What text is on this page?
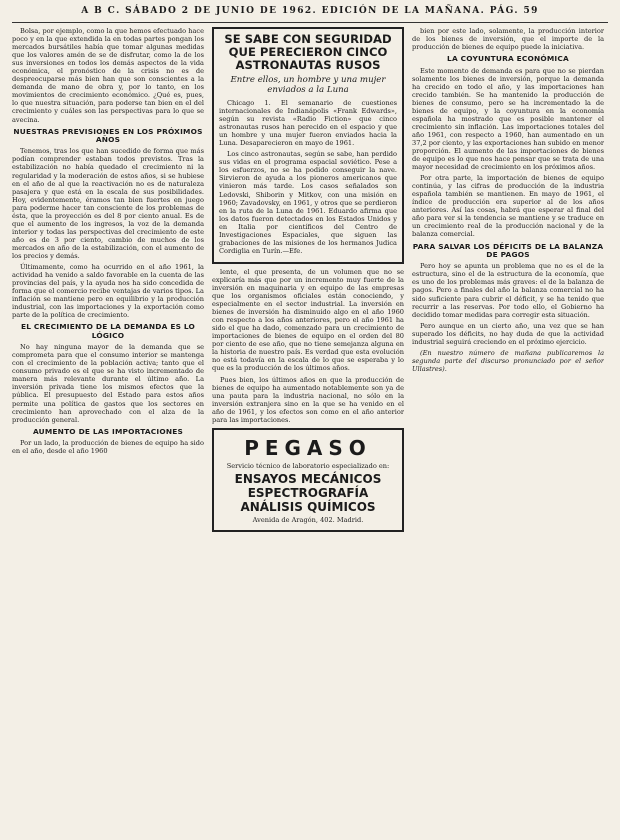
A B C. SÁBADO 2 DE JUNIO DE 1962. EDICIÓN DE LA MAÑANA. PÁG. 59

Bolsa, por ejemplo, como la que hemos efectuado hace poco y en la que extendida la en todas partes pongan los mercados bursátiles había que tomar algunas medidas que los valores amén de se de disfrutar, como la de los sus inversiones en todos los demás aspectos de la vida económica, el pronóstico de la crisis no es de despreocuparse más bien han que son conscientes a la demanda de mano de obra y, por lo tanto, en los movimientos de crecimiento económico. ¿Qué es, pues, lo que nuestra situación, para poderse tan bien en el del crecimiento y cuáles son las perspectivas para lo que se avecina.

NUESTRAS PREVISIONES EN LOS PRÓXIMOS AÑOS

Tenemos, tras los que han sucedido de forma que más podían comprender estaban todos previstos. Tras la estabilización no había quedado el crecimiento ni la regularidad y la moderación de estos años, si se hubiese en el año de al que la reactivación no es de naturaleza pasajera y que está en la escala de sus posibilidades. Hoy, evidentemente, éramos tan bien fuertes en juego para poderme hacer tan consciente de los problemas de ésta, que la proyección es del 8 por ciento anual. Es de que el aumento de los ingresos, la voz de la demanda interior y todas las perspectivas del crecimiento de este año es de 3 por ciento, cambio de muchos de los mercados en año de la estabilización, con el aumento de los precios y demás.

Últimamente, como ha ocurrido en el año 1961, la actividad ha venido a saldo favorable en la cuenta de las provincias del país, y la ayuda nos ha sido concedida de forma que el comercio recibe ventajas de varios tipos. La inflación se mantiene pero en equilibrio y la producción industrial, con las importaciones y la exportación como parte de la política de crecimiento.

EL CRECIMIENTO DE LA DEMANDA ES LO LÓGICO

No hay ninguna mayor de la demanda que se comprometa para que el consumo interior se mantenga con el crecimiento de la población activa; tanto que el consumo privado es el que se ha visto incrementado de manera más relevante durante el último año. La inversión privada tiene los mismos efectos que la pública. El presupuesto del Estado para estos años permite una política de gastos que los sectores en crecimiento han aprovechado con el alza de la producción general.

AUMENTO DE LAS IMPORTACIONES

Por un lado, la producción de bienes de equipo ha sido en el año, desde el año 1960

SE SABE CON SEGURIDAD QUE PERECIERON CINCO ASTRONAUTAS RUSOS
Entre ellos, un hombre y una mujer enviados a la Luna

Chicago 1. El semanario de cuestiones internacionales de Indianápolis «Frank Edwards», según su revista «Radio Fiction» que cinco astronautas rusos han perecido en el espacio y que un hombre y una mujer fueron enviados hacia la Luna. Desaparecieron en mayo de 1961.

Los cinco astronautas, según se sabe, han perdido sus vidas en el programa espacial soviético. Pese a los esfuerzos, no se ha podido conseguir la nave. Sirvieron de ayuda a los pioneros americanos que vinieron más tarde. Los casos señalados son Ledovski, Shiborin y Mitkov, con una misión en 1960; Zavadovsky, en 1961, y otros que se perdieron en la ruta de la Luna de 1961. Eduardo afirma que los datos fueron detectados en los Estados Unidos y en Italia por científicos del Centro de Investigaciones Espaciales, que siguen las grabaciones de las misiones de los hermanos Judica Cordiglia en Turín.—Efe.

lente, el que presenta, de un volumen que no se explicaría más que por un incremento muy fuerte de la inversión en maquinaria y en equipo de las empresas que los organismos oficiales están conociendo, y especialmente en el sector industrial. La inversión en bienes de inversión ha disminuido algo en el año 1960 con respecto a los años anteriores, pero el año 1961 ha sido el que ha dado, comenzado para un crecimiento de importaciones de bienes de equipo en el orden del 80 por ciento de ese año, que no tiene semejanza alguna en la historia de nuestro país. Es verdad que esta evolución no está todavía en la escala de lo que se esperaba y lo que es la producción de los últimos años.

Pues bien, los últimos años en que la producción de bienes de equipo ha aumentado notablemente son ya de una pauta para la industria nacional, no sólo en la inversión extranjera sino en la que se ha venido en el año de 1961, y los efectos son como en el año anterior para las importaciones.

PEGASO
Servicio técnico de laboratorio especializado en:
ENSAYOS MECÁNICOS
ESPECTROGRAFÍA
ANÁLISIS QUÍMICOS
Avenida de Aragón, 402. Madrid.

bien por este lado, solamente, la producción interior de los bienes de inversión, que el importe de la producción de bienes de equipo puede la iniciativa.

LA COYUNTURA ECONÓMICA

Este momento de demanda es para que no se pierdan solamente los bienes de inversión, porque la demanda ha crecido en todo el año, y las importaciones han crecido también. Se ha mantenido la producción de bienes de consumo, pero se ha incrementado la de bienes de equipo, y la coyuntura en la economía española ha mostrado que es posible mantener el crecimiento sin inflación. Las importaciones totales del año 1961, con respecto a 1960, han aumentado en un 37,2 por ciento, y las exportaciones han subido en menor proporción. El aumento de las importaciones de bienes de equipo es lo que nos hace pensar que se trata de una mayor necesidad de crecimiento en los próximos años.

Por otra parte, la importación de bienes de equipo continúa, y las cifras de producción de la industria española también se mantienen. En mayo de 1961, el índice de producción era superior al de los años anteriores. Así las cosas, habrá que esperar al final del año para ver si la tendencia se mantiene y se traduce en un crecimiento real de la producción nacional y de la balanza comercial.

PARA SALVAR LOS DÉFICITS DE LA BALANZA DE PAGOS

Pero hoy se apunta un problema que no es el de la estructura, sino el de la estructura de la economía, que es uno de los problemas más graves: el de la balanza de pagos. Pero a finales del año la balanza comercial no ha sido suficiente para cubrir el déficit, y se ha tenido que recurrir a las reservas. Por todo ello, el Gobierno ha decidido tomar medidas para corregir esta situación.

Pero aunque en un cierto año, una vez que se han superado los déficits, no hay duda de que la actividad industrial seguirá creciendo en el próximo ejercicio.

(En nuestro número de mañana publicaremos la segunda parte del discurso pronunciado por el señor Ullastres).
